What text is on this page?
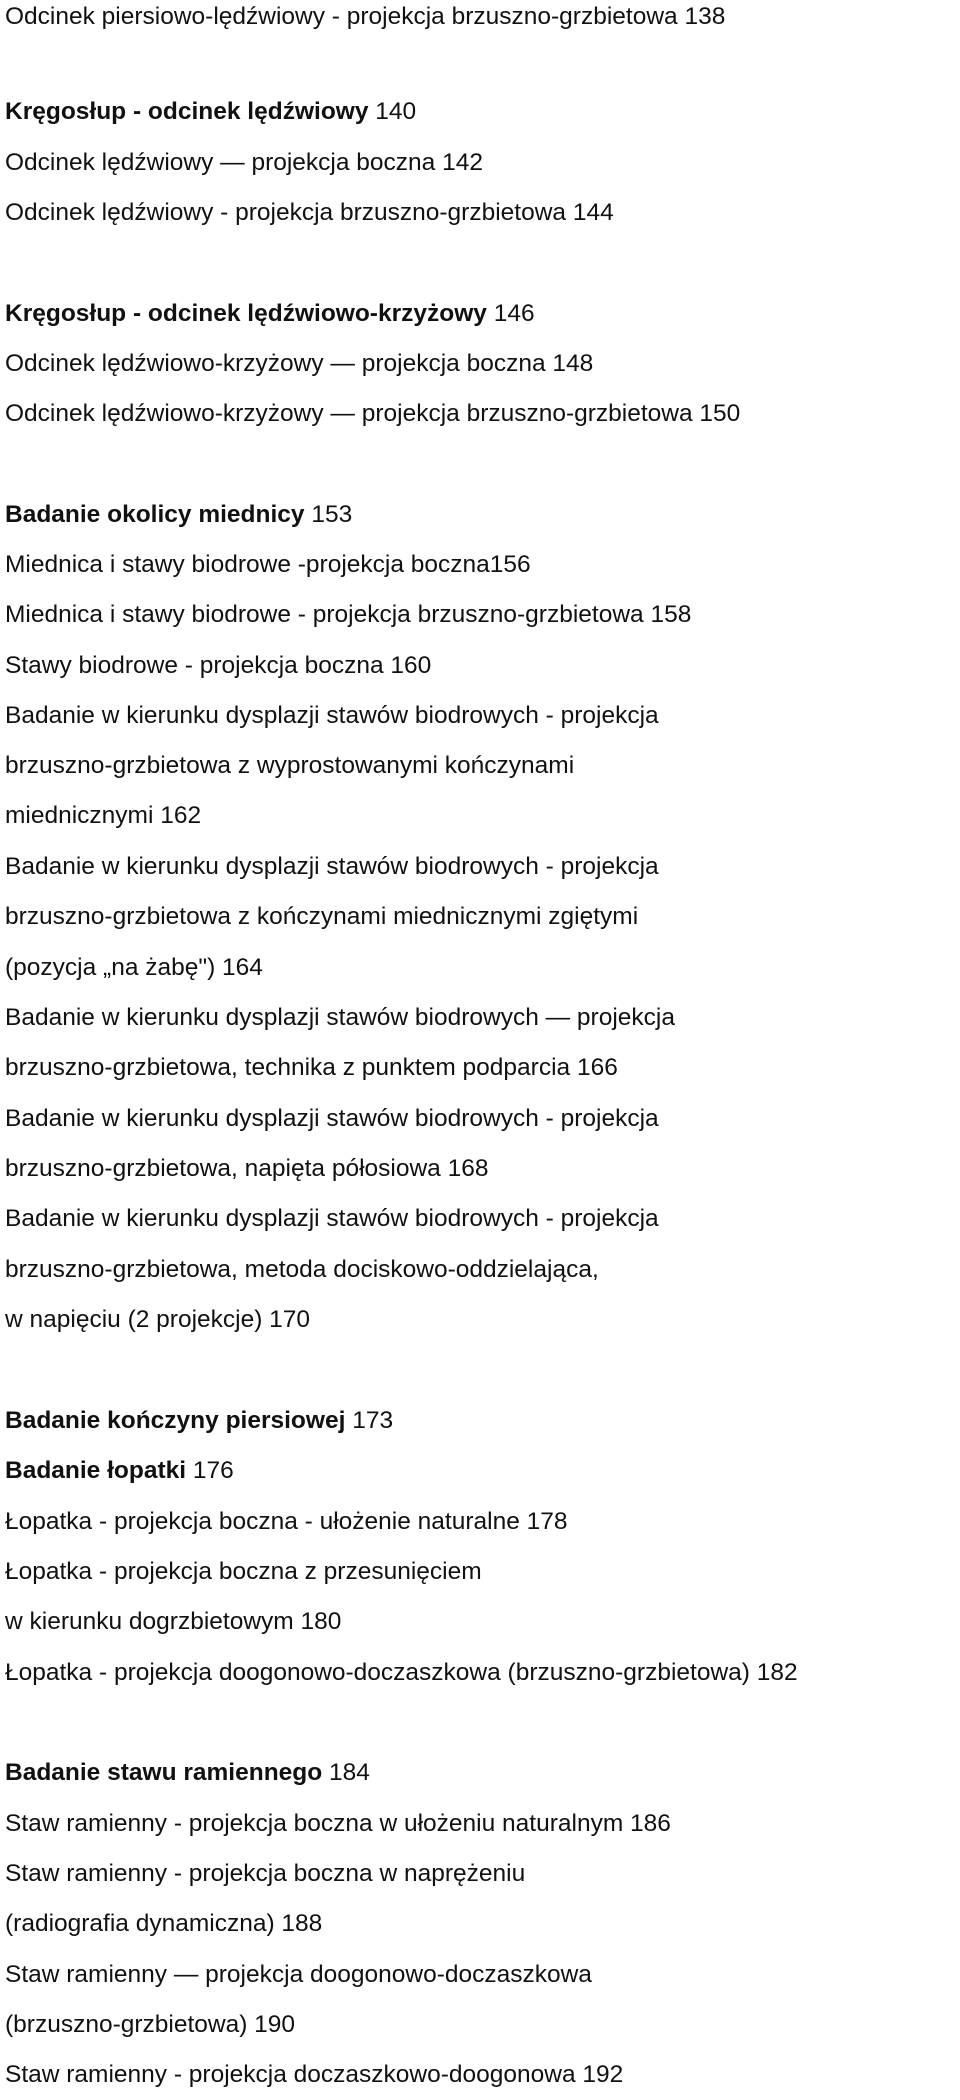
Odcinek piersiowo-lędźwiowy - projekcja brzuszno-grzbietowa 138
Kręgosłup - odcinek lędźwiowy 140
Odcinek lędźwiowy — projekcja boczna 142
Odcinek lędźwiowy - projekcja brzuszno-grzbietowa 144
Kręgosłup - odcinek lędźwiowo-krzyżowy 146
Odcinek lędźwiowo-krzyżowy — projekcja boczna 148
Odcinek lędźwiowo-krzyżowy — projekcja brzuszno-grzbietowa 150
Badanie okolicy miednicy 153
Miednica i stawy biodrowe -projekcja boczna156
Miednica i stawy biodrowe - projekcja brzuszno-grzbietowa 158
Stawy biodrowe - projekcja boczna 160
Badanie w kierunku dysplazji stawów biodrowych - projekcja
brzuszno-grzbietowa z wyprostowanymi kończynami
miednicznymi 162
Badanie w kierunku dysplazji stawów biodrowych - projekcja
brzuszno-grzbietowa z kończynami miednicznymi zgiętymi
(pozycja „na żabę") 164
Badanie w kierunku dysplazji stawów biodrowych — projekcja
brzuszno-grzbietowa, technika z punktem podparcia 166
Badanie w kierunku dysplazji stawów biodrowych - projekcja
brzuszno-grzbietowa, napięta półosiowa 168
Badanie w kierunku dysplazji stawów biodrowych - projekcja
brzuszno-grzbietowa, metoda dociskowo-oddzielająca,
w napięciu (2 projekcje) 170
Badanie kończyny piersiowej 173
Badanie łopatki 176
Łopatka - projekcja boczna - ułożenie naturalne 178
Łopatka - projekcja boczna z przesunięciem
w kierunku dogrzbietowym 180
Łopatka - projekcja doogonowo-doczaszkowa (brzuszno-grzbietowa) 182
Badanie stawu ramiennego 184
Staw ramienny - projekcja boczna w ułożeniu naturalnym 186
Staw ramienny - projekcja boczna w naprężeniu
(radiografia dynamiczna) 188
Staw ramienny — projekcja doogonowo-doczaszkowa
(brzuszno-grzbietowa) 190
Staw ramienny - projekcja doczaszkowo-doogonowa 192
